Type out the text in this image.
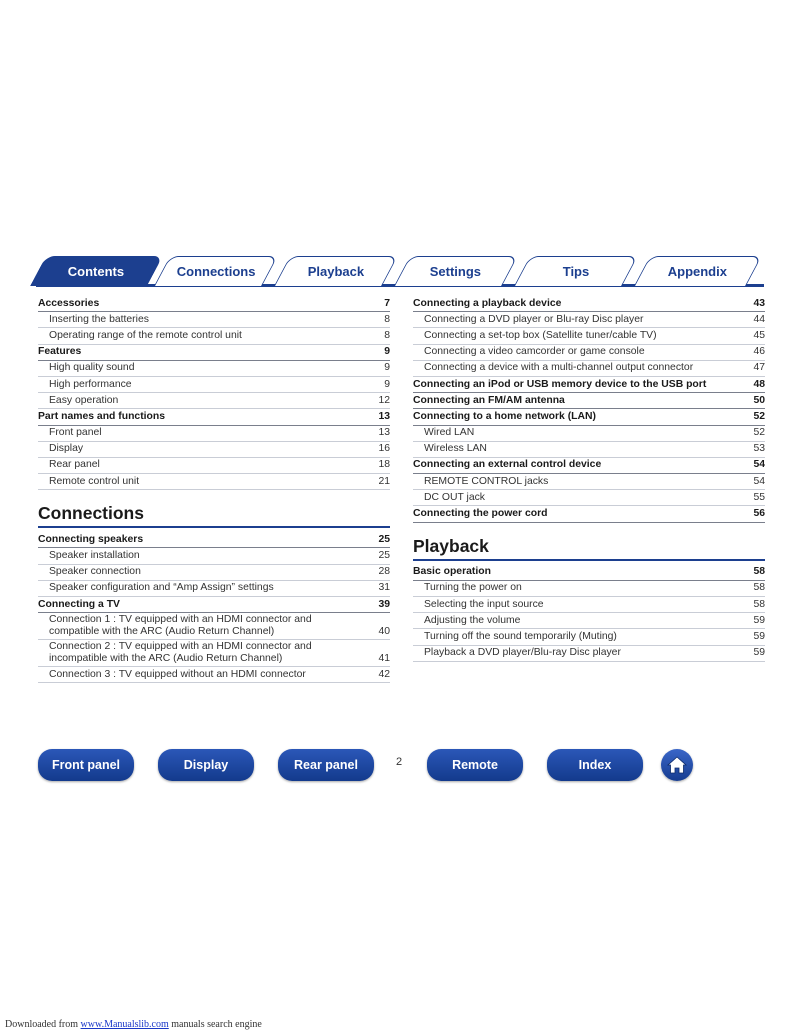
Contents	Connections	Playback	Settings	Tips	Appendix
Accessories	7
Inserting the batteries	8
Operating range of the remote control unit	8
Features	9
High quality sound	9
High performance	9
Easy operation	12
Part names and functions	13
Front panel	13
Display	16
Rear panel	18
Remote control unit	21
Connections
Connecting speakers	25
Speaker installation	25
Speaker connection	28
Speaker configuration and “Amp Assign” settings	31
Connecting a TV	39
Connection 1 : TV equipped with an HDMI connector and
compatible with the ARC (Audio Return Channel)	40
Connection 2 : TV equipped with an HDMI connector and
incompatible with the ARC (Audio Return Channel)	41
Connection 3 : TV equipped without an HDMI connector	42
Connecting a playback device	43
Connecting a DVD player or Blu-ray Disc player	44
Connecting a set-top box (Satellite tuner/cable TV)	45
Connecting a video camcorder or game console	46
Connecting a device with a multi-channel output connector	47
Connecting an iPod or USB memory device to the USB port	48
Connecting an FM/AM antenna	50
Connecting to a home network (LAN)	52
Wired LAN	52
Wireless LAN	53
Connecting an external control device	54
REMOTE CONTROL jacks	54
DC OUT jack	55
Connecting the power cord	56
Playback
Basic operation	58
Turning the power on	58
Selecting the input source	58
Adjusting the volume	59
Turning off the sound temporarily (Muting)	59
Playback a DVD player/Blu-ray Disc player	59
Front panel	Display	Rear panel	2	Remote	Index
Downloaded from www.Manualslib.com manuals search engine
